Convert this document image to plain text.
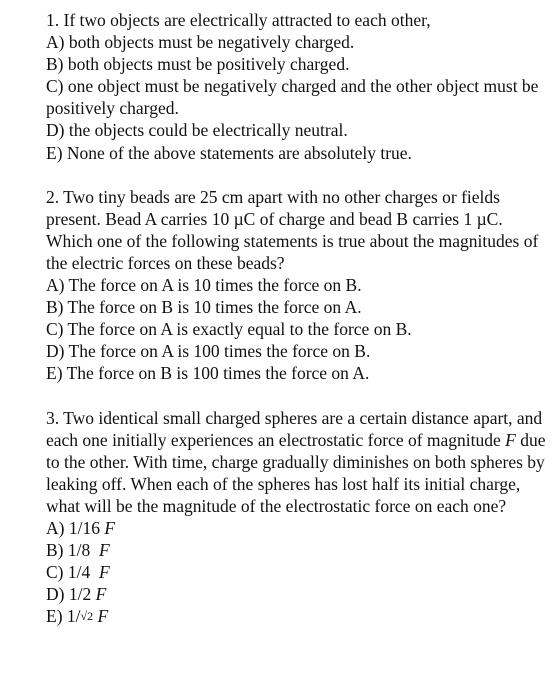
1. If two objects are electrically attracted to each other,

A) both objects must be negatively charged.

B) both objects must be positively charged.

C) one object must be negatively charged and the other object must be positively charged.

D) the objects could be electrically neutral.

E) None of the above statements are absolutely true.

2. Two tiny beads are 25 cm apart with no other charges or fields present. Bead A carries 10 µC of charge and bead B carries 1 µC. Which one of the following statements is true about the magnitudes of the electric forces on these beads?

A) The force on A is 10 times the force on B.

B) The force on B is 10 times the force on A.

C) The force on A is exactly equal to the force on B.

D) The force on A is 100 times the force on B.

E) The force on B is 100 times the force on A.

3. Two identical small charged spheres are a certain distance apart, and each one initially experiences an electrostatic force of magnitude F due to the other. With time, charge gradually diminishes on both spheres by leaking off. When each of the spheres has lost half its initial charge, what will be the magnitude of the electrostatic force on each one?

A) 1/16 F

B) 1/8  F

C) 1/4  F

D) 1/2 F

E) 1/√2 F
